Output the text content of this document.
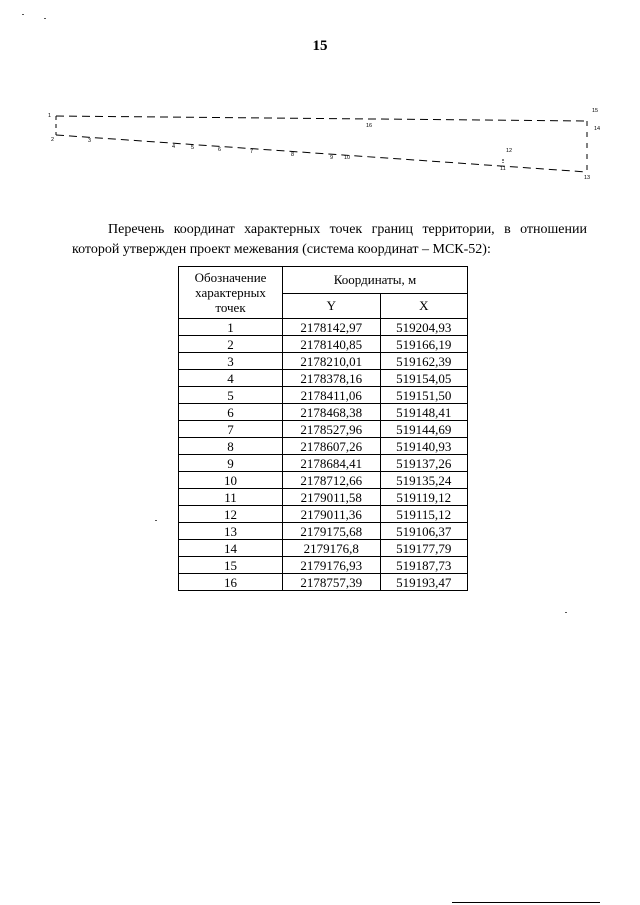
15
1
2	3
4	5	6	7	8	9 10
11
12
13
14
15
16
Перечень координат характерных точек границ территории, в отношении которой утвержден проект межевания (система координат – МСК-52):
Обозначение характерных точек	Координаты, м	
	Y	X
1	2178142,97	519204,93
2	2178140,85	519166,19
3	2178210,01	519162,39
4	2178378,16	519154,05
5	2178411,06	519151,50
6	2178468,38	519148,41
7	2178527,96	519144,69
8	2178607,26	519140,93
9	2178684,41	519137,26
10	2178712,66	519135,24
11	2179011,58	519119,12
12	2179011,36	519115,12
13	2179175,68	519106,37
14	2179176,8	519177,79
15	2179176,93	519187,73
16	2178757,39	519193,47
